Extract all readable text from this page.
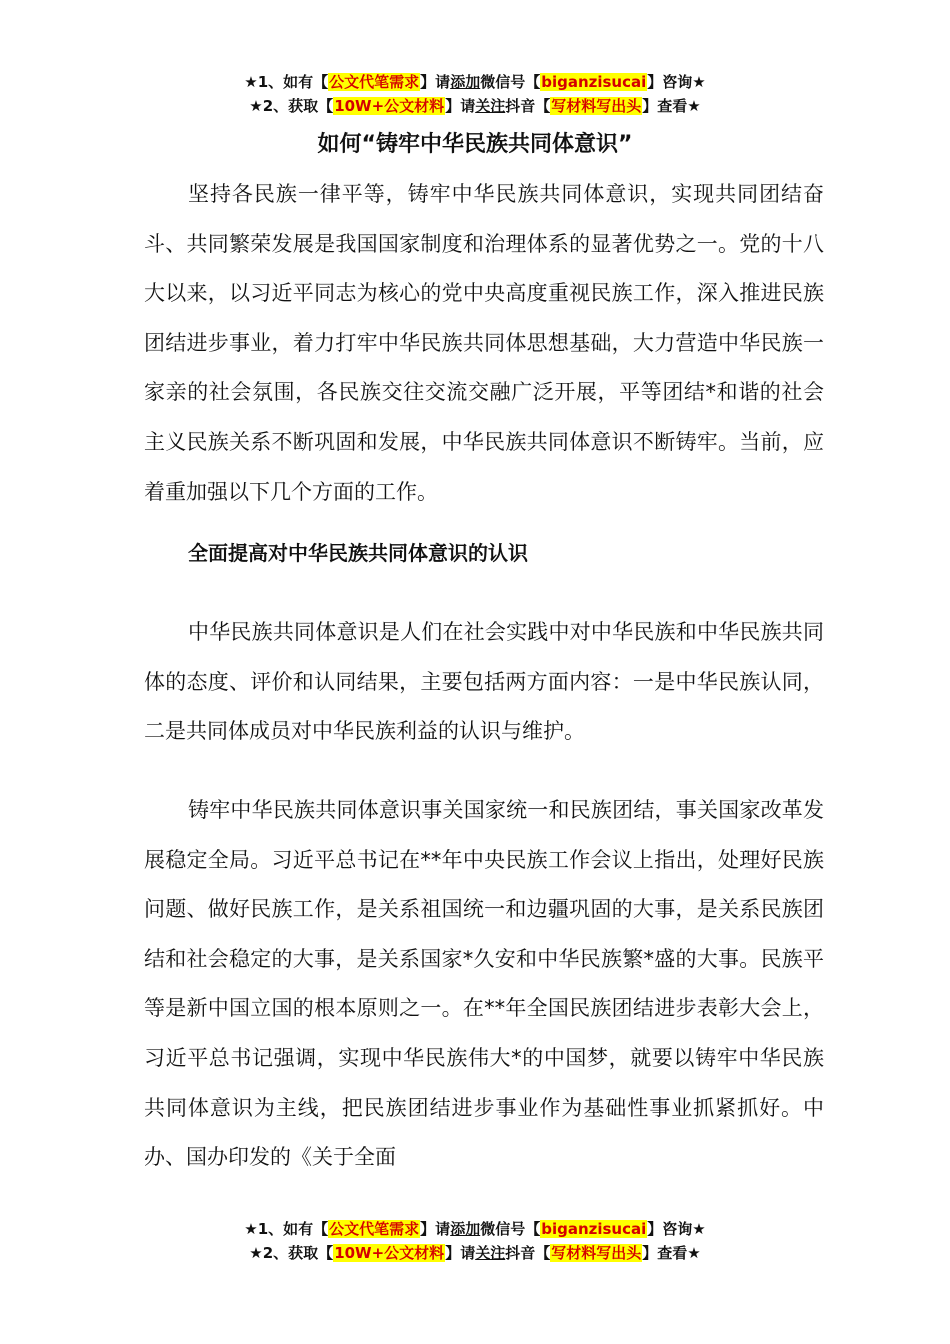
★1、如有【公文代笔需求】请添加微信号【biganzisucai】咨询★
★2、获取【10W+公文材料】请关注抖音【写材料写出头】查看★
如何“铸牢中华民族共同体意识”

坚持各民族一律平等，铸牢中华民族共同体意识，实现共同团结奋斗、共同繁荣发展是我国国家制度和治理体系的显著优势之一。党的十八大以来，以习近平同志为核心的党中央高度重视民族工作，深入推进民族团结进步事业，着力打牢中华民族共同体思想基础，大力营造中华民族一家亲的社会氛围，各民族交往交流交融广泛开展，平等团结*和谐的社会主义民族关系不断巩固和发展，中华民族共同体意识不断铸牢。当前，应着重加强以下几个方面的工作。

全面提高对中华民族共同体意识的认识

中华民族共同体意识是人们在社会实践中对中华民族和中华民族共同体的态度、评价和认同结果，主要包括两方面内容：一是中华民族认同，二是共同体成员对中华民族利益的认识与维护。

铸牢中华民族共同体意识事关国家统一和民族团结，事关国家改革发展稳定全局。习近平总书记在**年中央民族工作会议上指出，处理好民族问题、做好民族工作，是关系祖国统一和边疆巩固的大事，是关系民族团结和社会稳定的大事，是关系国家*久安和中华民族繁*盛的大事。民族平等是新中国立国的根本原则之一。在**年全国民族团结进步表彰大会上，习近平总书记强调，实现中华民族伟大*的中国梦，就要以铸牢中华民族共同体意识为主线，把民族团结进步事业作为基础性事业抓紧抓好。中办、国办印发的《关于全面

★1、如有【公文代笔需求】请添加微信号【biganzisucai】咨询★
★2、获取【10W+公文材料】请关注抖音【写材料写出头】查看★
